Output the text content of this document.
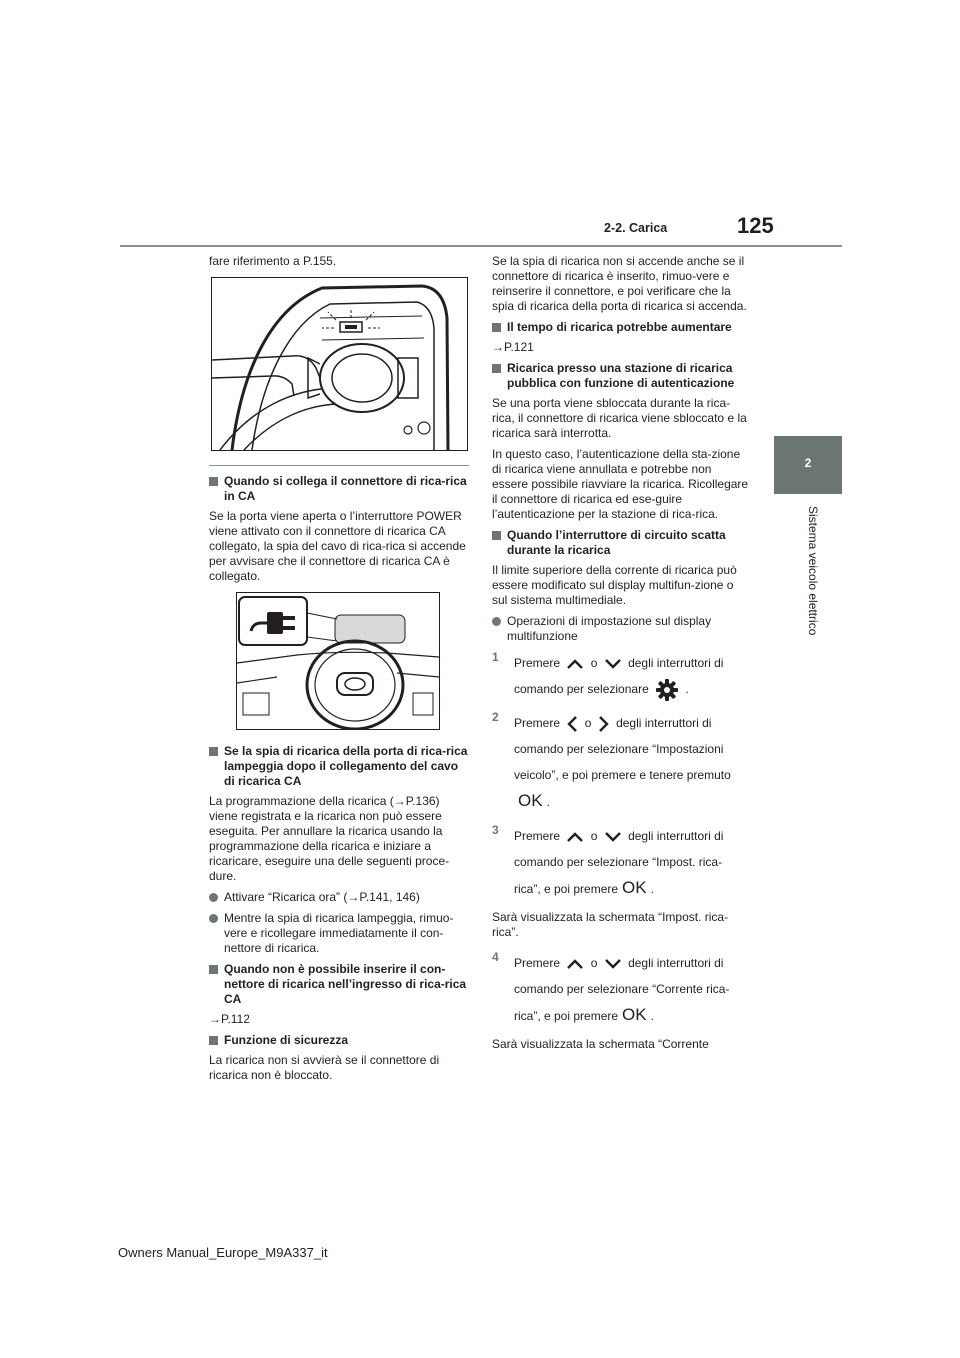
2-2. Carica	125
2
Sistema veicolo elettrico

fare riferimento a P.155.

Quando si collega il connettore di rica-rica in CA

Se la porta viene aperta o l’interruttore POWER viene attivato con il connettore di ricarica CA collegato, la spia del cavo di rica-rica si accende per avvisare che il connettore di ricarica CA è collegato.

Se la spia di ricarica della porta di rica-rica lampeggia dopo il collegamento del cavo di ricarica CA

La programmazione della ricarica (→P.136) viene registrata e la ricarica non può essere eseguita. Per annullare la ricarica usando la programmazione della ricarica e iniziare a ricaricare, eseguire una delle seguenti proce-dure.

Attivare “Ricarica ora” (→P.141, 146)

Mentre la spia di ricarica lampeggia, rimuo-vere e ricollegare immediatamente il con-nettore di ricarica.

Quando non è possibile inserire il con-nettore di ricarica nell’ingresso di rica-rica CA

→P.112

Funzione di sicurezza

La ricarica non si avvierà se il connettore di ricarica non è bloccato.

Se la spia di ricarica non si accende anche se il connettore di ricarica è inserito, rimuo-vere e reinserire il connettore, e poi verificare che la spia di ricarica della porta di ricarica si accenda.

Il tempo di ricarica potrebbe aumentare

→P.121

Ricarica presso una stazione di ricarica pubblica con funzione di autenticazione

Se una porta viene sbloccata durante la rica-rica, il connettore di ricarica viene sbloccato e la ricarica sarà interrotta.

In questo caso, l’autenticazione della sta-zione di ricarica viene annullata e potrebbe non essere possibile riavviare la ricarica. Ricollegare il connettore di ricarica ed ese-guire l’autenticazione per la stazione di rica-rica.

Quando l’interruttore di circuito scatta durante la ricarica

Il limite superiore della corrente di ricarica può essere modificato sul display multifun-zione o sul sistema multimediale.

Operazioni di impostazione sul display multifunzione

1 Premere	o	degli interruttori di
comando per selezionare	.
2 Premere o degli interruttori di
comando per selezionare “Impostazioni
veicolo”, e poi premere e tenere premuto
OK .
3 Premere	o	degli interruttori di
comando per selezionare “Impost. rica-
rica”, e poi premere OK .

Sarà visualizzata la schermata “Impost. rica-rica”.

4 Premere	o	degli interruttori di
comando per selezionare “Corrente rica-
rica”, e poi premere OK .

Sarà visualizzata la schermata “Corrente

Owners Manual_Europe_M9A337_it
